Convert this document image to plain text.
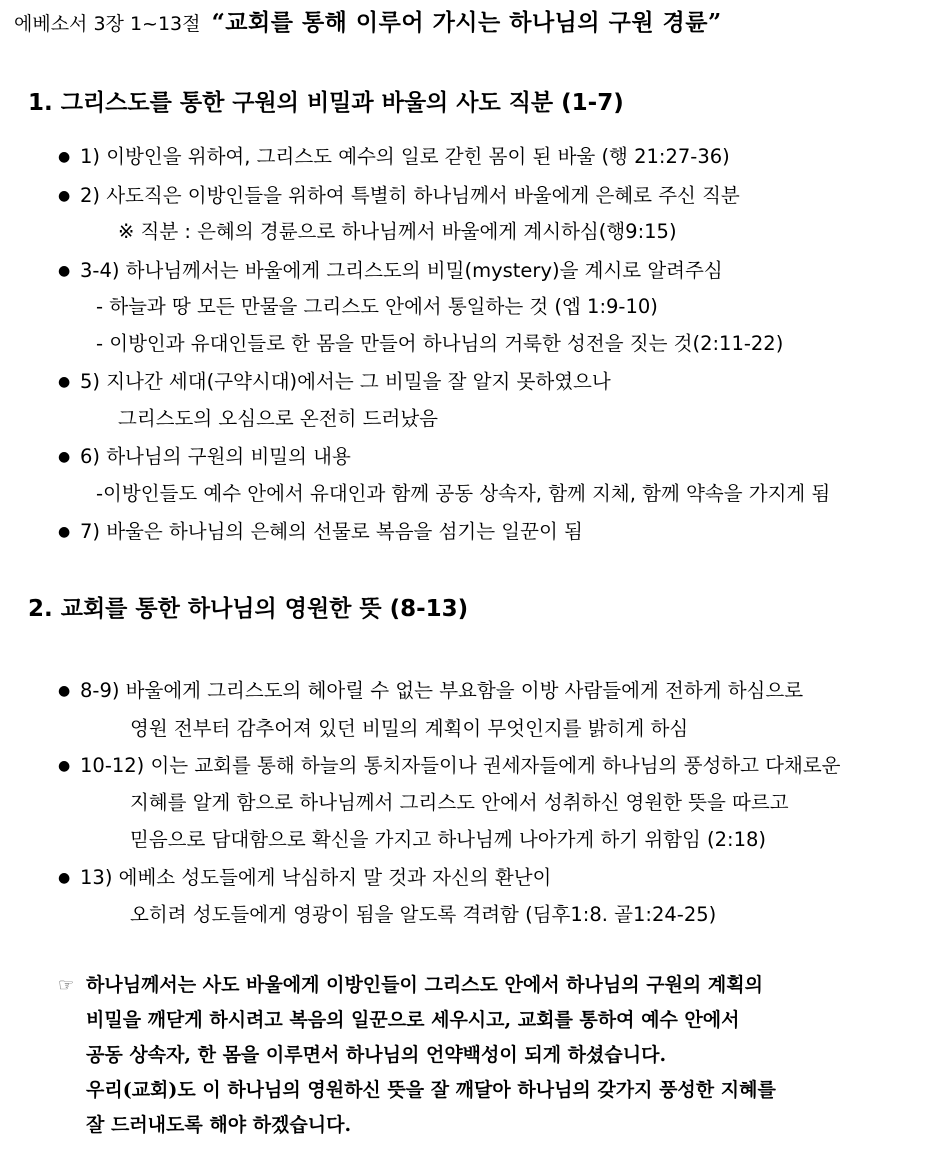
에베소서 3장 1~13절 “교회를 통해 이루어 가시는 하나님의 구원 경륜”
1. 그리스도를 통한 구원의 비밀과 바울의 사도 직분 (1-7)
● 1) 이방인을 위하여, 그리스도 예수의 일로 갇힌 몸이 된 바울 (행 21:27-36)
● 2) 사도직은 이방인들을 위하여 특별히 하나님께서 바울에게 은혜로 주신 직분
※ 직분 : 은혜의 경륜으로 하나님께서 바울에게 계시하심(행9:15)
● 3-4) 하나님께서는 바울에게 그리스도의 비밀(mystery)을 계시로 알려주심
- 하늘과 땅 모든 만물을 그리스도 안에서 통일하는 것 (엡 1:9-10)
- 이방인과 유대인들로 한 몸을 만들어 하나님의 거룩한 성전을 짓는 것(2:11-22)
● 5) 지나간 세대(구약시대)에서는 그 비밀을 잘 알지 못하였으나
그리스도의 오심으로 온전히 드러났음
● 6) 하나님의 구원의 비밀의 내용
-이방인들도 예수 안에서 유대인과 함께 공동 상속자, 함께 지체, 함께 약속을 가지게 됨
● 7) 바울은 하나님의 은혜의 선물로 복음을 섬기는 일꾼이 됨
2. 교회를 통한 하나님의 영원한 뜻 (8-13)
● 8-9) 바울에게 그리스도의 헤아릴 수 없는 부요함을 이방 사람들에게 전하게 하심으로
영원 전부터 감추어져 있던 비밀의 계획이 무엇인지를 밝히게 하심
● 10-12) 이는 교회를 통해 하늘의 통치자들이나 권세자들에게 하나님의 풍성하고 다채로운
지혜를 알게 함으로 하나님께서 그리스도 안에서 성취하신 영원한 뜻을 따르고
믿음으로 담대함으로 확신을 가지고 하나님께 나아가게 하기 위함임 (2:18)
● 13) 에베소 성도들에게 낙심하지 말 것과 자신의 환난이
오히려 성도들에게 영광이 됨을 알도록 격려함 (딤후1:8. 골1:24-25)
☞ 하나님께서는 사도 바울에게 이방인들이 그리스도 안에서 하나님의 구원의 계획의
비밀을 깨닫게 하시려고 복음의 일꾼으로 세우시고, 교회를 통하여 예수 안에서
공동 상속자, 한 몸을 이루면서 하나님의 언약백성이 되게 하셨습니다.
우리(교회)도 이 하나님의 영원하신 뜻을 잘 깨달아 하나님의 갖가지 풍성한 지혜를
잘 드러내도록 해야 하겠습니다.
